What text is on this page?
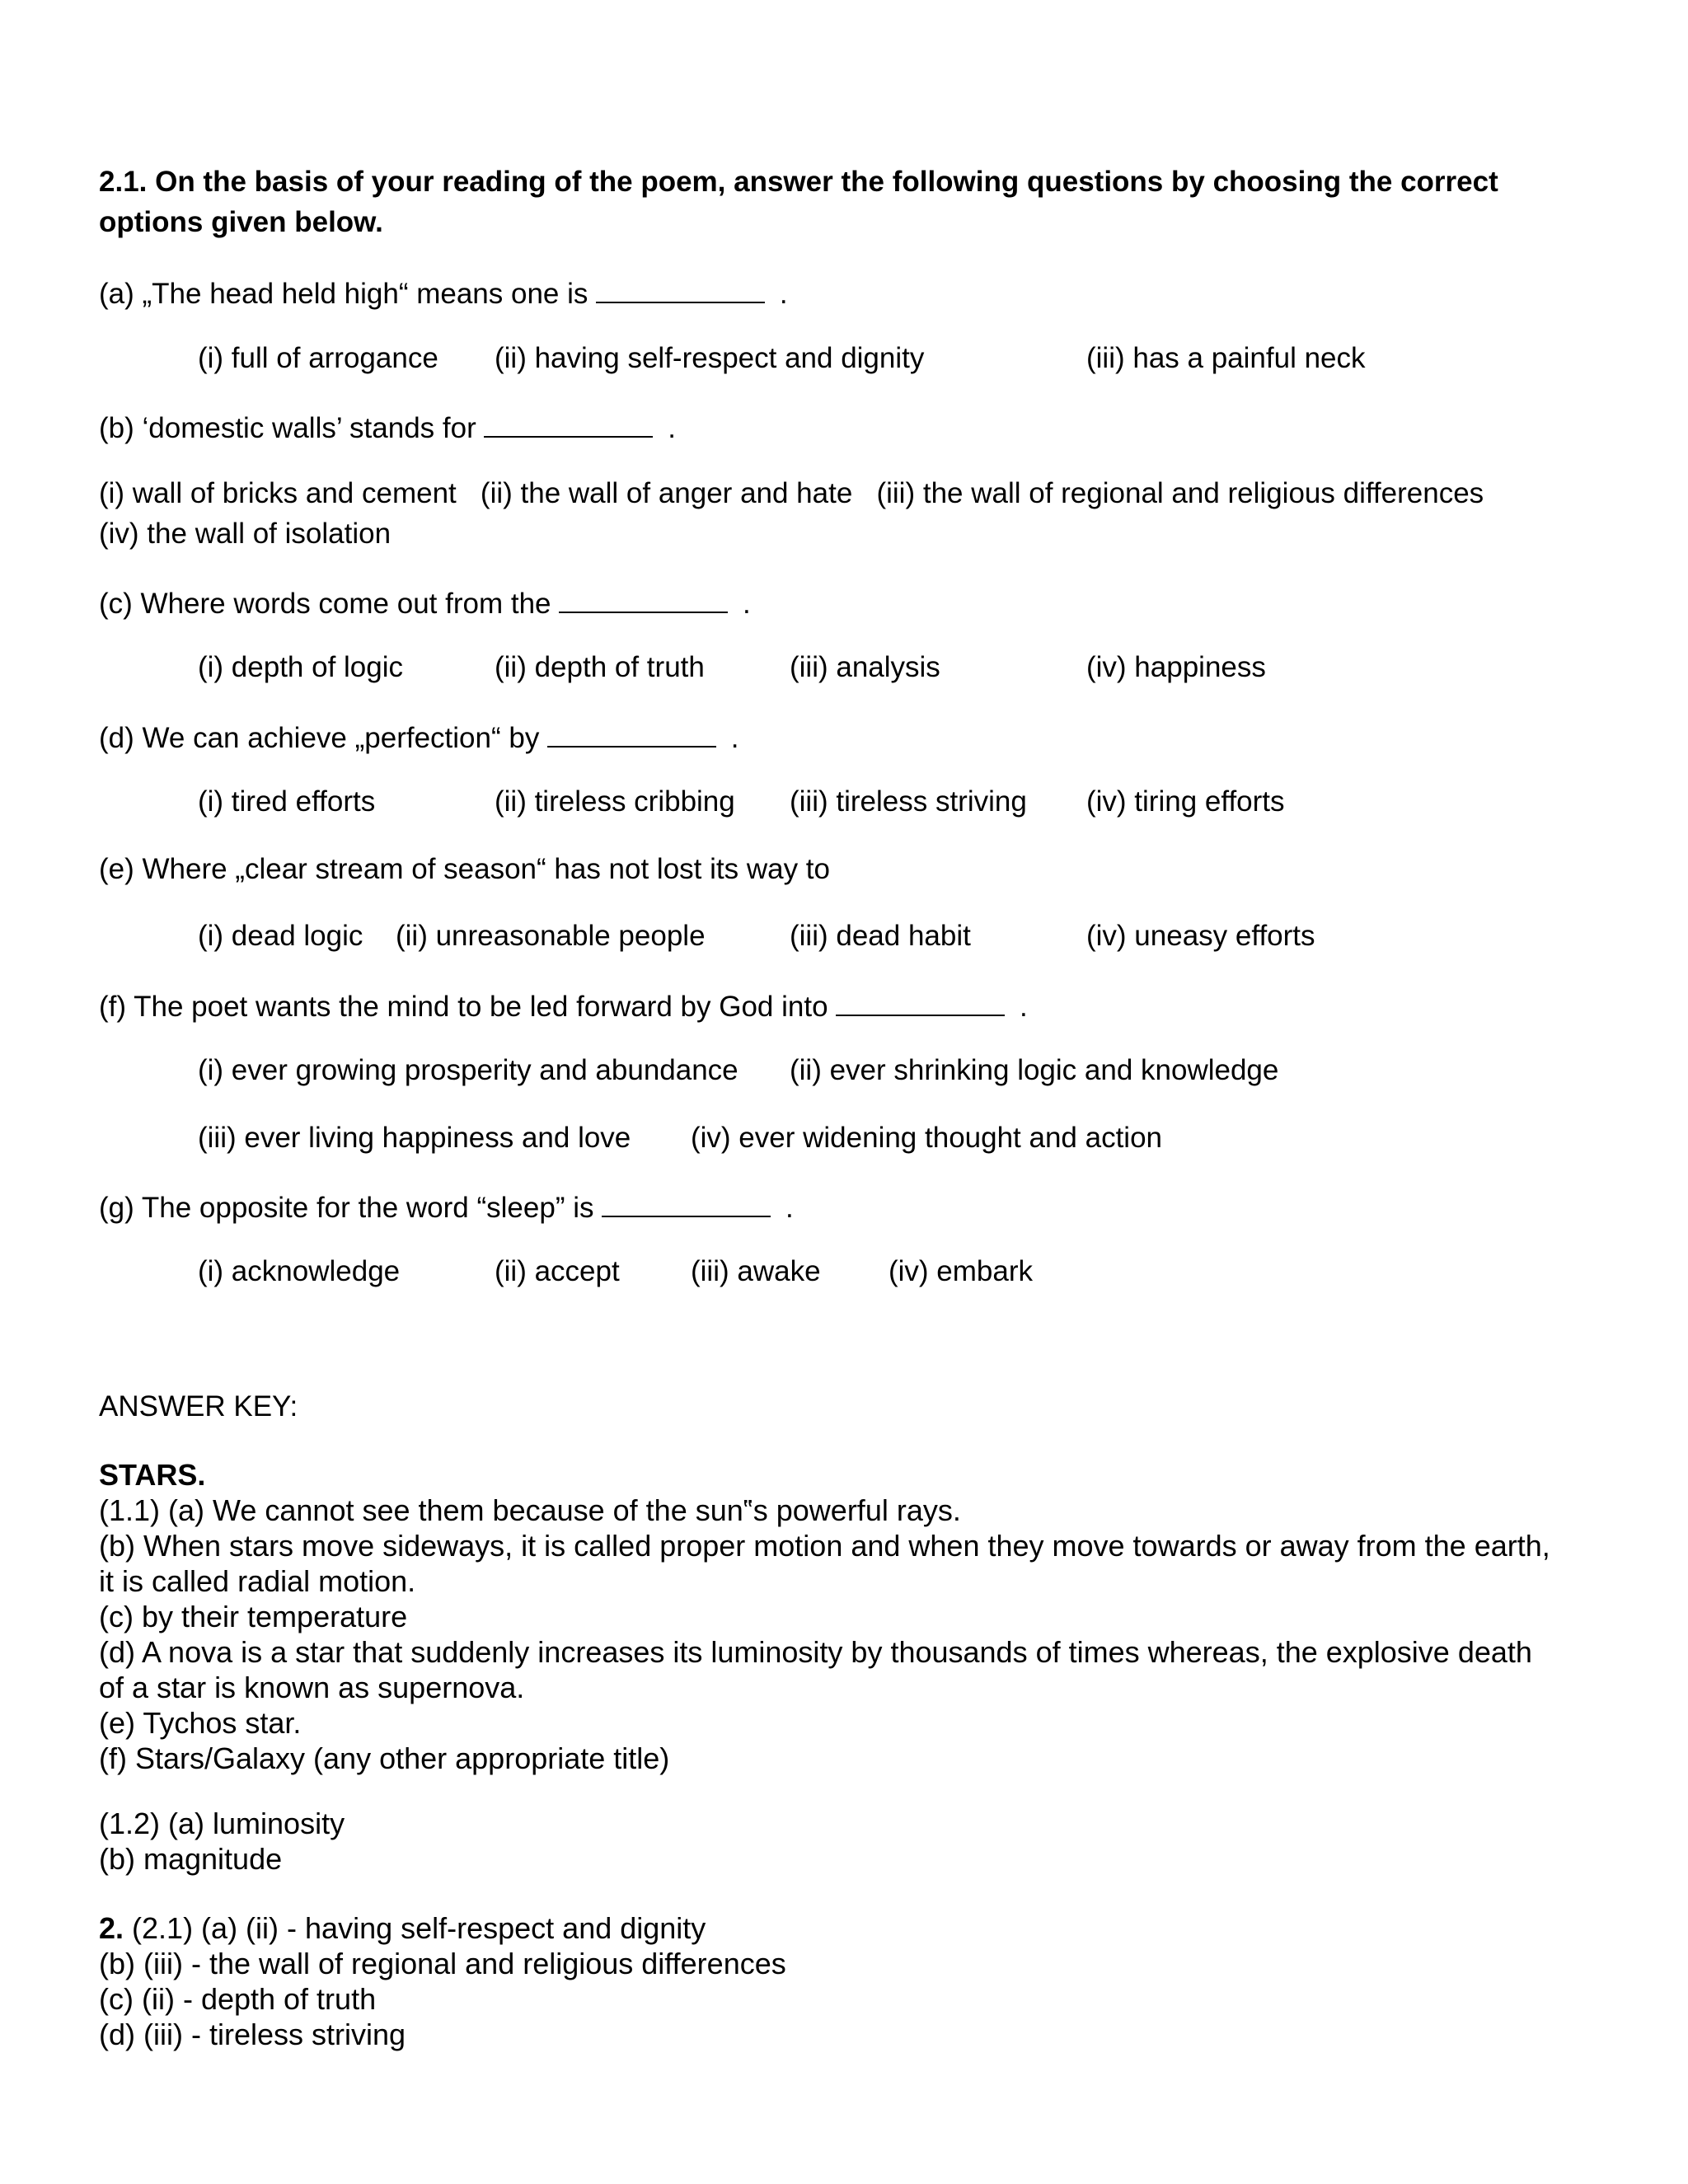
2.1. On the basis of your reading of the poem, answer the following questions by choosing the correct
options given below.
(a) „The head held high“ means one is	.
(i) full of arrogance (ii) having self-respect and dignity	(iii) has a painful neck
(b) ‘domestic walls’ stands for	.
(i) wall of bricks and cement   (ii) the wall of anger and hate   (iii) the wall of regional and religious differences
(iv) the wall of isolation
(c) Where words come out from the	.
(i) depth of logic	(ii) depth of truth	(iii) analysis	(iv) happiness
(d) We can achieve „perfection“ by	.
(i) tired efforts	(ii) tireless cribbing (iii) tireless striving (iv) tiring efforts
(e) Where „clear stream of season“ has not lost its way to
(i) dead logic (ii) unreasonable people	(iii) dead habit	(iv) uneasy efforts
(f) The poet wants the mind to be led forward by God into	.
(i) ever growing prosperity and abundance (ii) ever shrinking logic and knowledge
(iii) ever living happiness and love (iv) ever widening thought and action
(g) The opposite for the word “sleep” is	.
(i) acknowledge	(ii) accept (iii) awake (iv) embark
ANSWER KEY:
STARS.
(1.1) (a) We cannot see them because of the sun‟s powerful rays.
(b) When stars move sideways, it is called proper motion and when they move towards or away from the earth,
it is called radial motion.
(c) by their temperature
(d) A nova is a star that suddenly increases its luminosity by thousands of times whereas, the explosive death
of a star is known as supernova.
(e) Tychos star.
(f) Stars/Galaxy (any other appropriate title)
(1.2) (a) luminosity
(b) magnitude
2. (2.1) (a) (ii) - having self-respect and dignity
(b) (iii) - the wall of regional and religious differences
(c) (ii) - depth of truth
(d) (iii) - tireless striving
